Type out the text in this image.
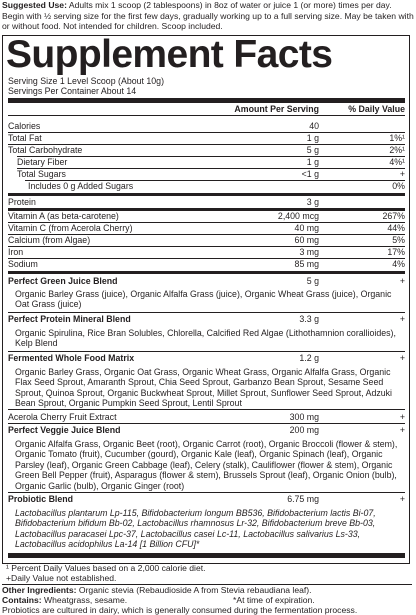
Suggested Use: Adults mix 1 scoop (2 tablespoons) in 8oz of water or juice 1 (or more) times per day. Begin with ½ serving size for the first few days, gradually working up to a full serving size. May be taken with or without food. Not intended for children. Scoop included.
Supplement Facts
Serving Size 1 Level Scoop (About 10g)
Servings Per Container About 14
Amount Per Serving	% Daily Value
Calories	40
Total Fat	1 g	1%¹
Total Carbohydrate	5 g	2%¹
Dietary Fiber	1 g	4%¹
Total Sugars	<1 g	+
Includes 0 g Added Sugars	0%
Protein	3 g
Vitamin A (as beta-carotene)	2,400 mcg	267%
Vitamin C (from Acerola Cherry)	40 mg	44%
Calcium (from Algae)	60 mg	5%
Iron	3 mg	17%
Sodium	85 mg	4%
Perfect Green Juice Blend	5 g	+
Organic Barley Grass (juice), Organic Alfalfa Grass (juice), Organic Wheat Grass (juice), Organic Oat Grass (juice)
Perfect Protein Mineral Blend	3.3 g	+
Organic Spirulina, Rice Bran Solubles, Chlorella, Calcified Red Algae (Lithothamnion corallioides), Kelp Blend
Fermented Whole Food Matrix	1.2 g	+
Organic Barley Grass, Organic Oat Grass, Organic Wheat Grass, Organic Alfalfa Grass, Organic Flax Seed Sprout, Amaranth Sprout, Chia Seed Sprout, Garbanzo Bean Sprout, Sesame Seed Sprout, Quinoa Sprout, Organic Buckwheat Sprout, Millet Sprout, Sunflower Seed Sprout, Adzuki Bean Sprout, Organic Pumpkin Seed Sprout, Lentil Sprout
Acerola Cherry Fruit Extract	300 mg	+
Perfect Veggie Juice Blend	200 mg	+
Organic Alfalfa Grass, Organic Beet (root), Organic Carrot (root), Organic Broccoli (flower & stem), Organic Tomato (fruit), Cucumber (gourd), Organic Kale (leaf), Organic Spinach (leaf), Organic Parsley (leaf), Organic Green Cabbage (leaf), Celery (stalk), Cauliflower (flower & stem), Organic Green Bell Pepper (fruit), Asparagus (flower & stem), Brussels Sprout (leaf), Organic Onion (bulb), Organic Garlic (bulb), Organic Ginger (root)
Probiotic Blend	6.75 mg	+
Lactobacillus plantarum Lp-115, Bifidobacterium longum BB536, Bifidobacterium lactis Bi-07, Bifidobacterium bifidum Bb-02, Lactobacillus rhamnosus Lr-32, Bifidobacterium breve Bb-03, Lactobacillus paracasei Lpc-37, Lactobacillus casei Lc-11, Lactobacillus salivarius Ls-33, Lactobacillus acidophilus La-14 [1 Billion CFU]*
¹ Percent Daily Values based on a 2,000 calorie diet.
+Daily Value not established.
Other Ingredients: Organic stevia (Rebaudioside A from Stevia rebaudiana leaf).
Contains: Wheatgrass, sesame.	*At time of expiration.
Probiotics are cultured in dairy, which is generally consumed during the fermentation process.
